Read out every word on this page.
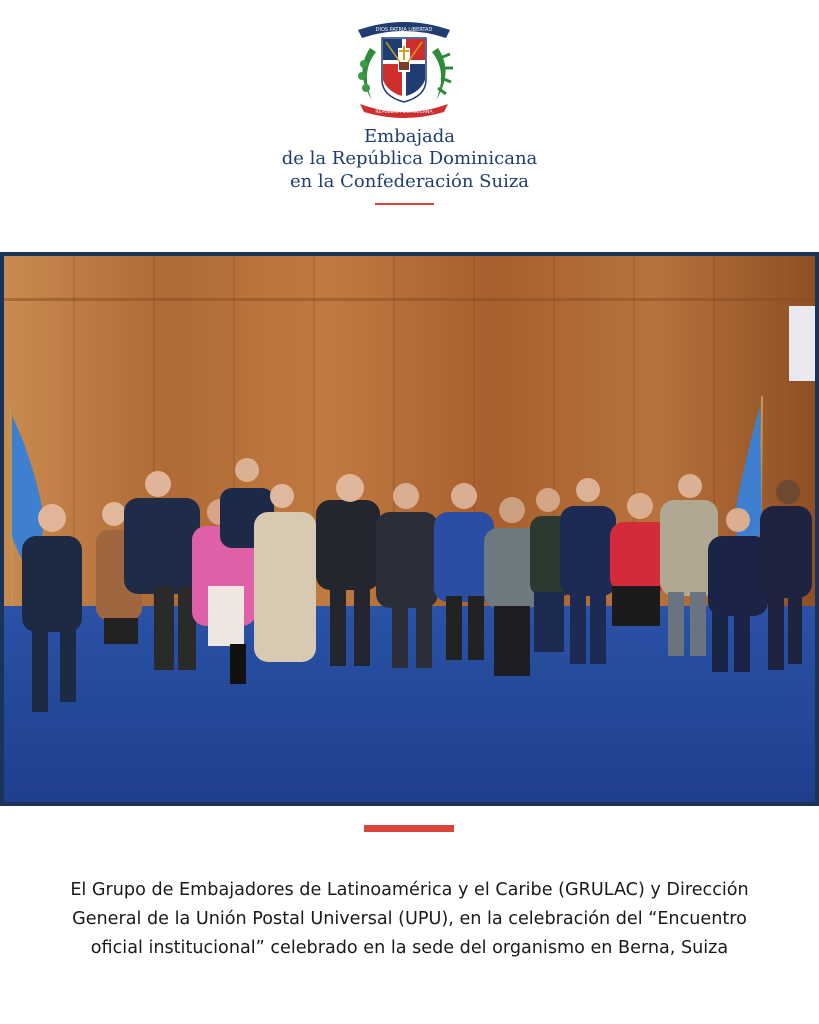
DIOS PATRIA LIBERTAD
REPÚBLICA DOMINICANA
Embajada
de la República Dominicana
en la Confederación Suiza
El Grupo de Embajadores de Latinoamérica y el Caribe (GRULAC) y Dirección
General de la Unión Postal Universal (UPU), en la celebración del “Encuentro
oficial institucional” celebrado en la sede del organismo en Berna, Suiza
